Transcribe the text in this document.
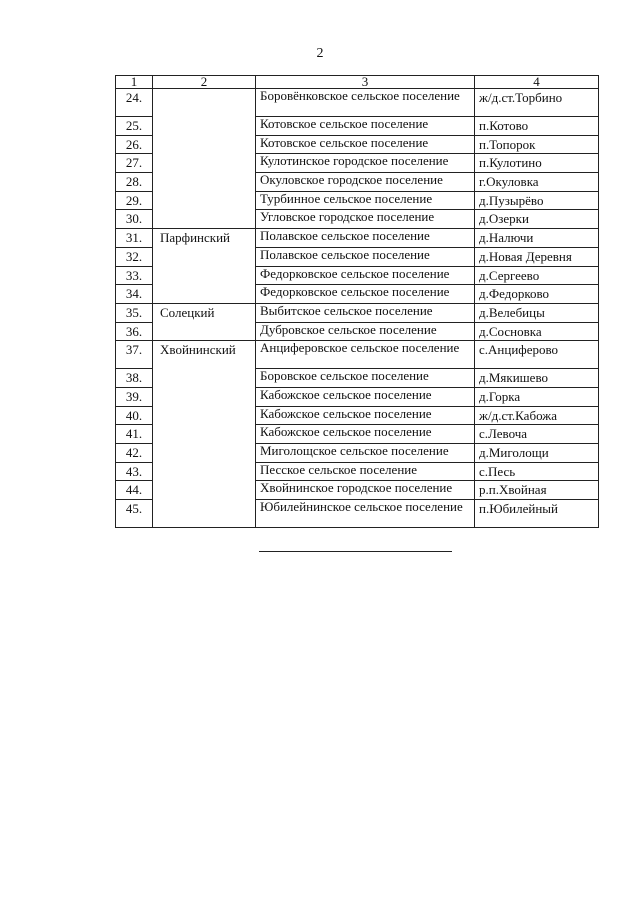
2
1	2	3	4
24.		Боровёнковское сельское поселение	ж/д.ст.Торбино
25.		Котовское сельское поселение	п.Котово
26.		Котовское сельское поселение	п.Топорок
27.		Кулотинское городское поселение	п.Кулотино
28.		Окуловское городское поселение	г.Окуловка
29.		Турбинное сельское поселение	д.Пузырёво
30.		Угловское городское поселение	д.Озерки
31.	Парфинский	Полавское сельское поселение	д.Налючи
32.		Полавское сельское поселение	д.Новая Деревня
33.		Федорковское сельское поселение	д.Сергеево
34.		Федорковское сельское поселение	д.Федорково
35.	Солецкий	Выбитское сельское поселение	д.Велебицы
36.		Дубровское сельское поселение	д.Сосновка
37.	Хвойнинский	Анциферовское сельское поселение	с.Анциферово
38.		Боровское сельское поселение	д.Мякишево
39.		Кабожское сельское поселение	д.Горка
40.		Кабожское сельское поселение	ж/д.ст.Кабожа
41.		Кабожское сельское поселение	с.Левоча
42.		Миголощское сельское поселение	д.Миголощи
43.		Песское сельское поселение	с.Песь
44.		Хвойнинское городское поселение	р.п.Хвойная
45.		Юбилейнинское сельское поселение	п.Юбилейный
